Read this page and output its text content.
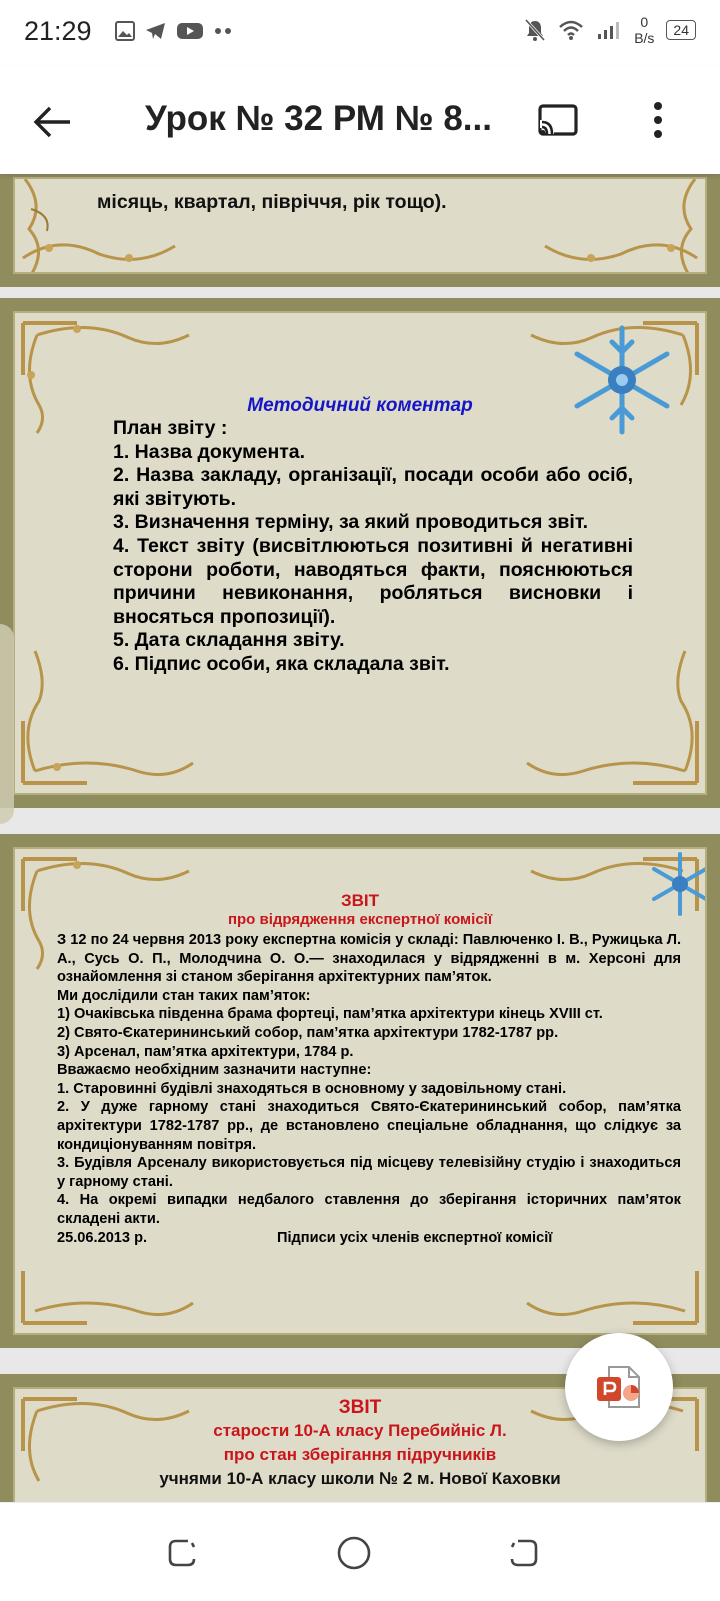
21:29	0
B/s	24
Урок № 32 РМ № 8...
місяць, квартал, півріччя, рік тощо).
Методичний коментар

План звіту :

1. Назва документа.

2. Назва закладу, організації, посади особи або осіб, які звітують.

3. Визначення терміну, за який проводиться звіт.

4. Текст звіту (висвітлюються позитивні й негативні сторони роботи, наводяться факти, пояснюються причини невиконання, робляться висновки і вносяться пропозиції).

5. Дата складання звіту.

6. Підпис особи, яка складала звіт.

ЗВІТ
про відрядження експертної комісії

З 12 по 24 червня 2013 року експертна комісія у складі: Павлюченко І. В., Ружицька Л. А., Сусь О. П., Молодчина О. О.— знаходилася у відрядженні в м. Херсоні для ознайомлення зі станом зберігання архітектурних пам’яток.

Ми дослідили стан таких пам’яток:

1) Очаківська південна брама фортеці, пам’ятка архітектури кінець XVIII ст.

2) Свято-Єкатерининський собор, пам’ятка архітектури 1782-1787 рр.

3) Арсенал, пам’ятка архітектури, 1784 р.

Вважаємо необхідним зазначити наступне:

1. Старовинні будівлі знаходяться в основному у задовільному стані.

2. У дуже гарному стані знаходиться Свято-Єкатерининський собор, пам’ятка архітектури 1782-1787 рр., де встановлено спеціальне обладнання, що слідкує за кондиціонуванням повітря.

3. Будівля Арсеналу використовується під місцеву телевізійну студію і знаходиться у гарному стані.

4. На окремі випадки недбалого ставлення до зберігання історичних пам’яток складені акти.

25.06.2013 р.	Підписи усіх членів експертної комісії
ЗВІТ
старости 10-А класу Перебийніс Л.
про стан зберігання підручників
учнями 10-А класу школи № 2 м. Нової Каховки
